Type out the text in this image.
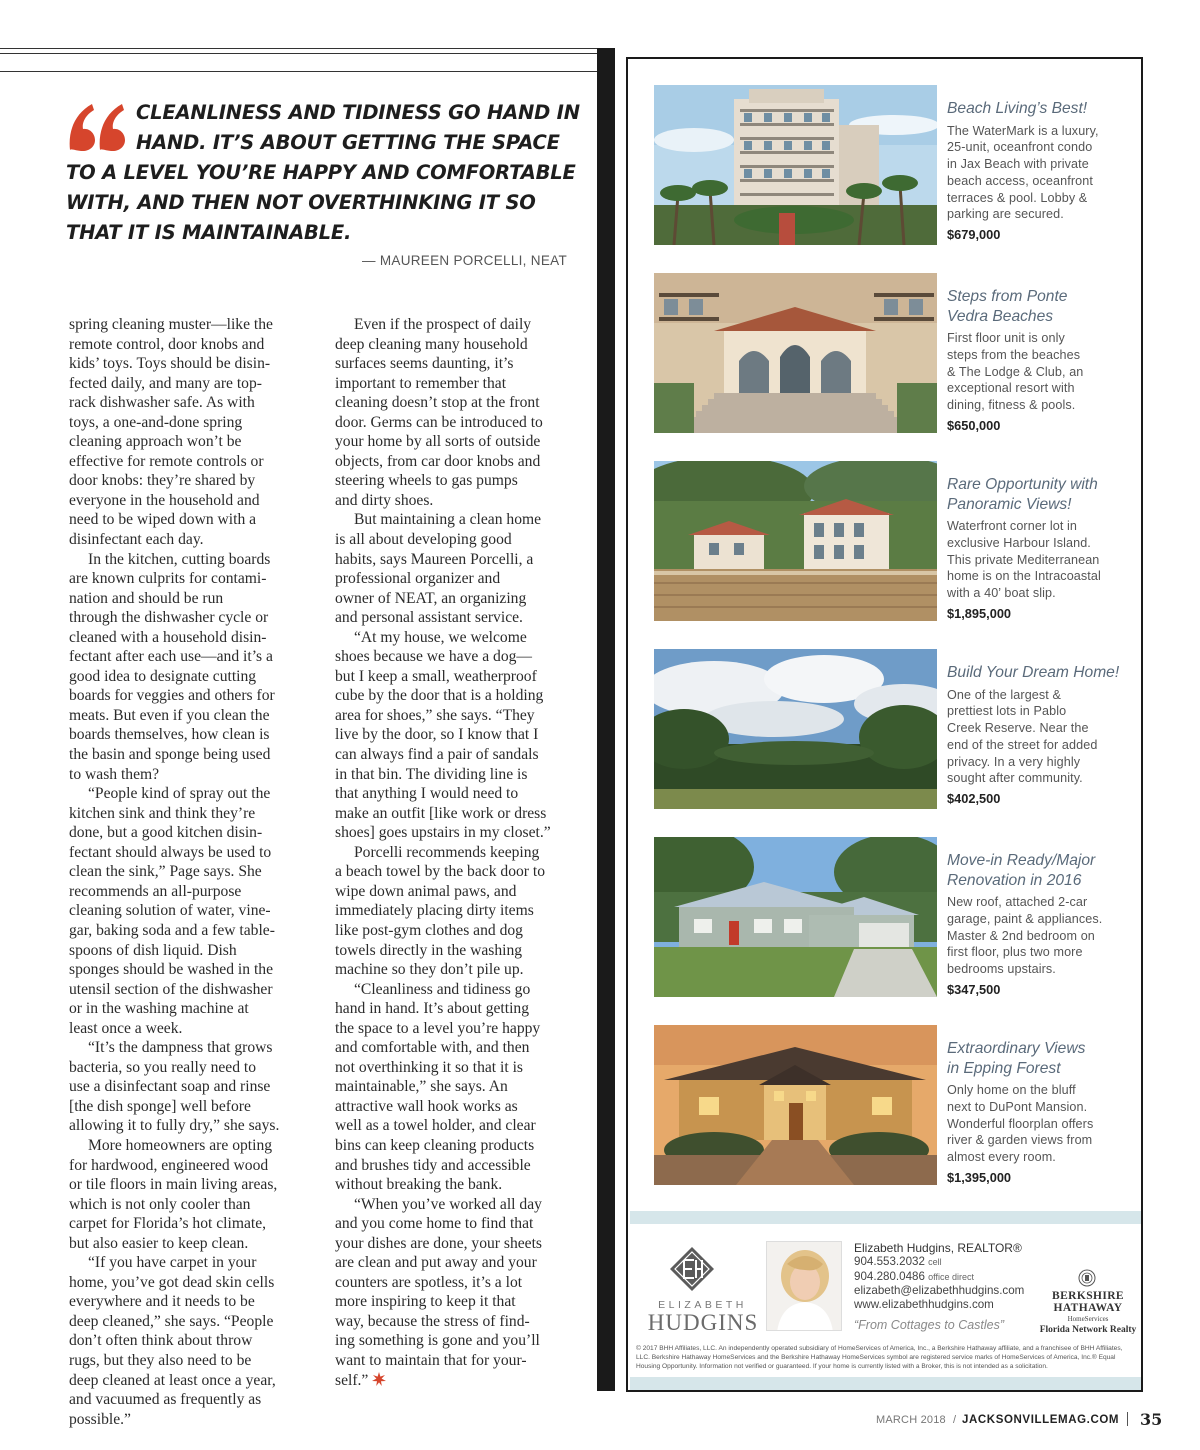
CLEANLINESS AND TIDINESS GO HAND IN
HAND. IT’S ABOUT GETTING THE SPACE
TO A LEVEL YOU’RE HAPPY AND COMFORTABLE
WITH, AND THEN NOT OVERTHINKING IT SO
THAT IT IS MAINTAINABLE.
— MAUREEN PORCELLI, NEAT
spring cleaning muster—like the
remote control, door knobs and
kids’ toys. Toys should be disin-
fected daily, and many are top-
rack dishwasher safe. As with
toys, a one-and-done spring
cleaning approach won’t be
effective for remote controls or
door knobs: they’re shared by
everyone in the household and
need to be wiped down with a
disinfectant each day.
In the kitchen, cutting boards
are known culprits for contami-
nation and should be run
through the dishwasher cycle or
cleaned with a household disin-
fectant after each use—and it’s a
good idea to designate cutting
boards for veggies and others for
meats. But even if you clean the
boards themselves, how clean is
the basin and sponge being used
to wash them?
“People kind of spray out the
kitchen sink and think they’re
done, but a good kitchen disin-
fectant should always be used to
clean the sink,” Page says. She
recommends an all-purpose
cleaning solution of water, vine-
gar, baking soda and a few table-
spoons of dish liquid. Dish
sponges should be washed in the
utensil section of the dishwasher
or in the washing machine at
least once a week.
“It’s the dampness that grows
bacteria, so you really need to
use a disinfectant soap and rinse
[the dish sponge] well before
allowing it to fully dry,” she says.
More homeowners are opting
for hardwood, engineered wood
or tile floors in main living areas,
which is not only cooler than
carpet for Florida’s hot climate,
but also easier to keep clean.
“If you have carpet in your
home, you’ve got dead skin cells
everywhere and it needs to be
deep cleaned,” she says. “People
don’t often think about throw
rugs, but they also need to be
deep cleaned at least once a year,
and vacuumed as frequently as
possible.”
Even if the prospect of daily
deep cleaning many household
surfaces seems daunting, it’s
important to remember that
cleaning doesn’t stop at the front
door. Germs can be introduced to
your home by all sorts of outside
objects, from car door knobs and
steering wheels to gas pumps
and dirty shoes.
But maintaining a clean home
is all about developing good
habits, says Maureen Porcelli, a
professional organizer and
owner of NEAT, an organizing
and personal assistant service.
“At my house, we welcome
shoes because we have a dog—
but I keep a small, weatherproof
cube by the door that is a holding
area for shoes,” she says. “They
live by the door, so I know that I
can always find a pair of sandals
in that bin. The dividing line is
that anything I would need to
make an outfit [like work or dress
shoes] goes upstairs in my closet.”
Porcelli recommends keeping
a beach towel by the back door to
wipe down animal paws, and
immediately placing dirty items
like post-gym clothes and dog
towels directly in the washing
machine so they don’t pile up.
“Cleanliness and tidiness go
hand in hand. It’s about getting
the space to a level you’re happy
and comfortable with, and then
not overthinking it so that it is
maintainable,” she says. An
attractive wall hook works as
well as a towel holder, and clear
bins can keep cleaning products
and brushes tidy and accessible
without breaking the bank.
“When you’ve worked all day
and you come home to find that
your dishes are done, your sheets
are clean and put away and your
counters are spotless, it’s a lot
more inspiring to keep it that
way, because the stress of find-
ing something is gone and you’ll
want to maintain that for your-
self.”
Beach Living’s Best!
The WaterMark is a luxury,
25-unit, oceanfront condo
in Jax Beach with private
beach access, oceanfront
terraces & pool. Lobby &
parking are secured.
$679,000
Steps from Ponte
Vedra Beaches
First floor unit is only
steps from the beaches
& The Lodge & Club, an
exceptional resort with
dining, fitness & pools.
$650,000
Rare Opportunity with
Panoramic Views!
Waterfront corner lot in
exclusive Harbour Island.
This private Mediterranean
home is on the Intracoastal
with a 40’ boat slip.
$1,895,000
Build Your Dream Home!
One of the largest &
prettiest lots in Pablo
Creek Reserve. Near the
end of the street for added
privacy. In a very highly
sought after community.
$402,500
Move-in Ready/Major
Renovation in 2016
New roof, attached 2-car
garage, paint & appliances.
Master & 2nd bedroom on
first floor, plus two more
bedrooms upstairs.
$347,500
Extraordinary Views
in Epping Forest
Only home on the bluff
next to DuPont Mansion.
Wonderful floorplan offers
river & garden views from
almost every room.
$1,395,000
ELIZABETH
HUDGINS
Elizabeth Hudgins, REALTOR®
904.553.2032 cell
904.280.0486 office direct
elizabeth@elizabethhudgins.com
www.elizabethhudgins.com
“From Cottages to Castles”
BERKSHIRE
HATHAWAY
HomeServices
Florida Network Realty
© 2017 BHH Affiliates, LLC. An independently operated subsidiary of HomeServices of America, Inc., a Berkshire Hathaway affiliate, and a franchisee of BHH Affiliates, LLC. Berkshire Hathaway HomeServices and the Berkshire Hathaway HomeServices symbol are registered service marks of HomeServices of America, Inc.® Equal Housing Opportunity. Information not verified or guaranteed. If your home is currently listed with a Broker, this is not intended as a solicitation.
MARCH 2018 / JACKSONVILLEMAG.COM 35
